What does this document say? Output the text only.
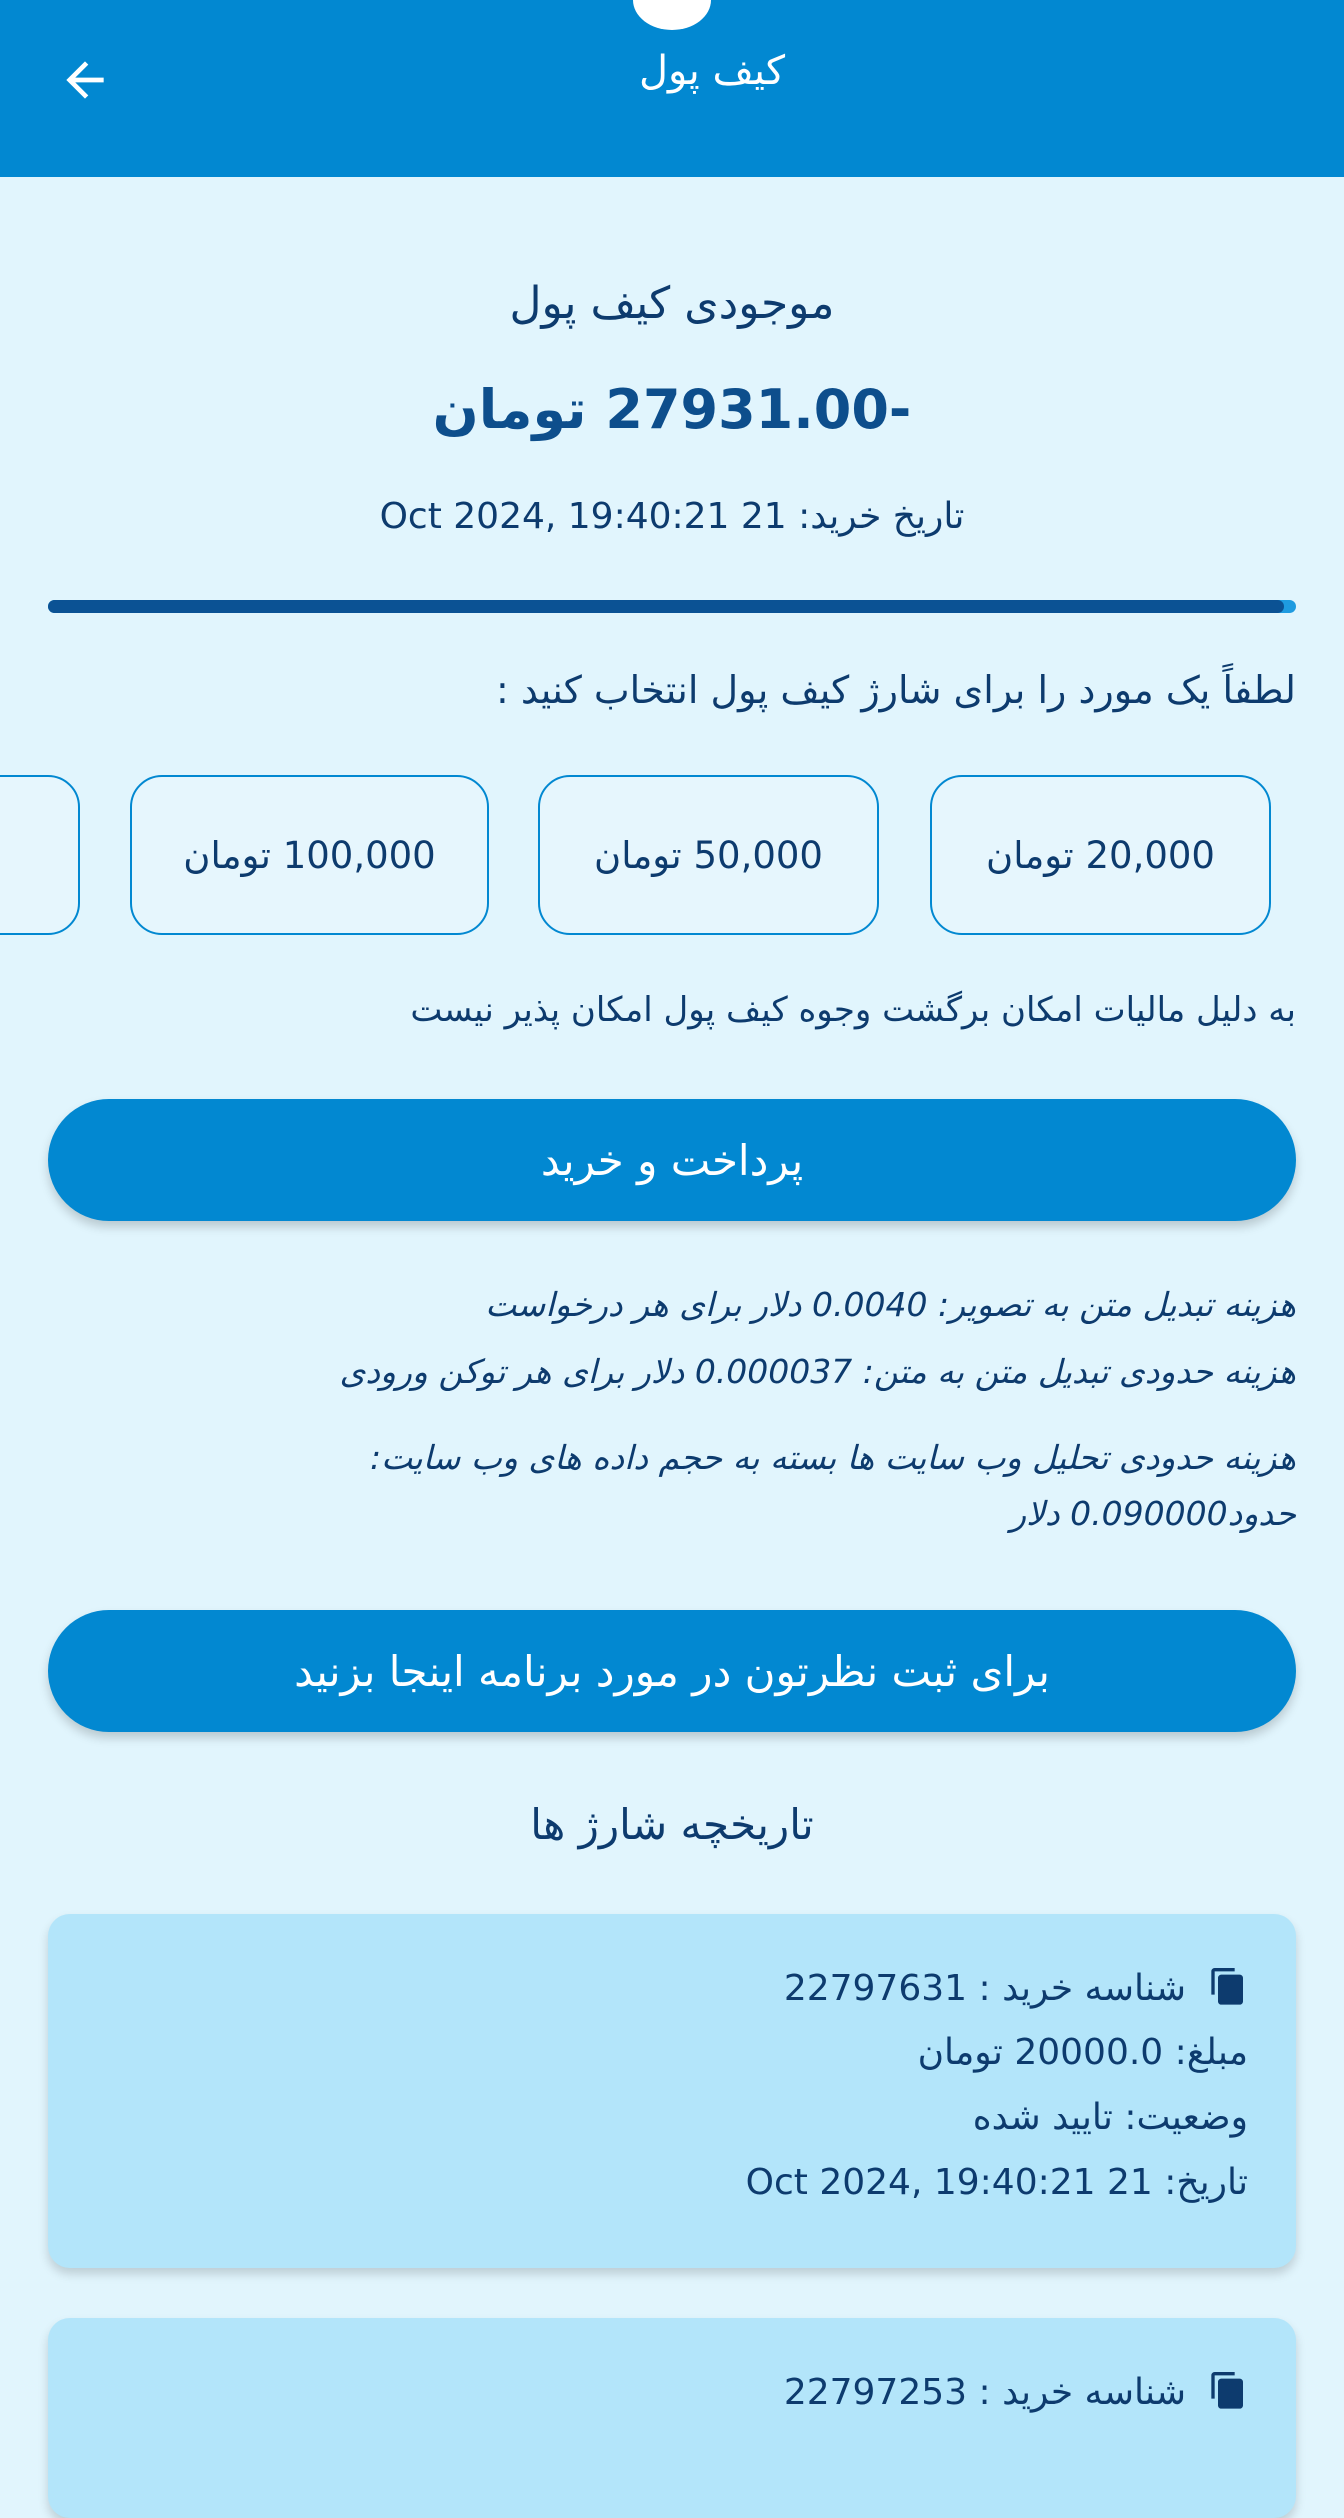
کیف پول
موجودی کیف پول
-27931.00 تومان
تاریخ خرید: 21 Oct 2024, 19:40:21
لطفاً یک مورد را برای شارژ کیف پول انتخاب کنید :
20,000 تومان
50,000 تومان
100,000 تومان
به دلیل مالیات امکان برگشت وجوه کیف پول امکان پذیر نیست
پرداخت و خرید
هزینه تبدیل متن به تصویر: 0.0040 دلار برای هر درخواست
هزینه حدودی تبدیل متن به متن: 0.000037 دلار برای هر توکن ورودی
هزینه حدودی تحلیل وب سایت ها بسته به حجم داده های وب سایت:
حدود0.090000 دلار
برای ثبت نظرتون در مورد برنامه اینجا بزنید
تاریخچه شارژ ها
شناسه خرید : 22797631
مبلغ: 20000.0 تومان
وضعیت: تایید شده
تاریخ: 21 Oct 2024, 19:40:21
شناسه خرید : 22797253
